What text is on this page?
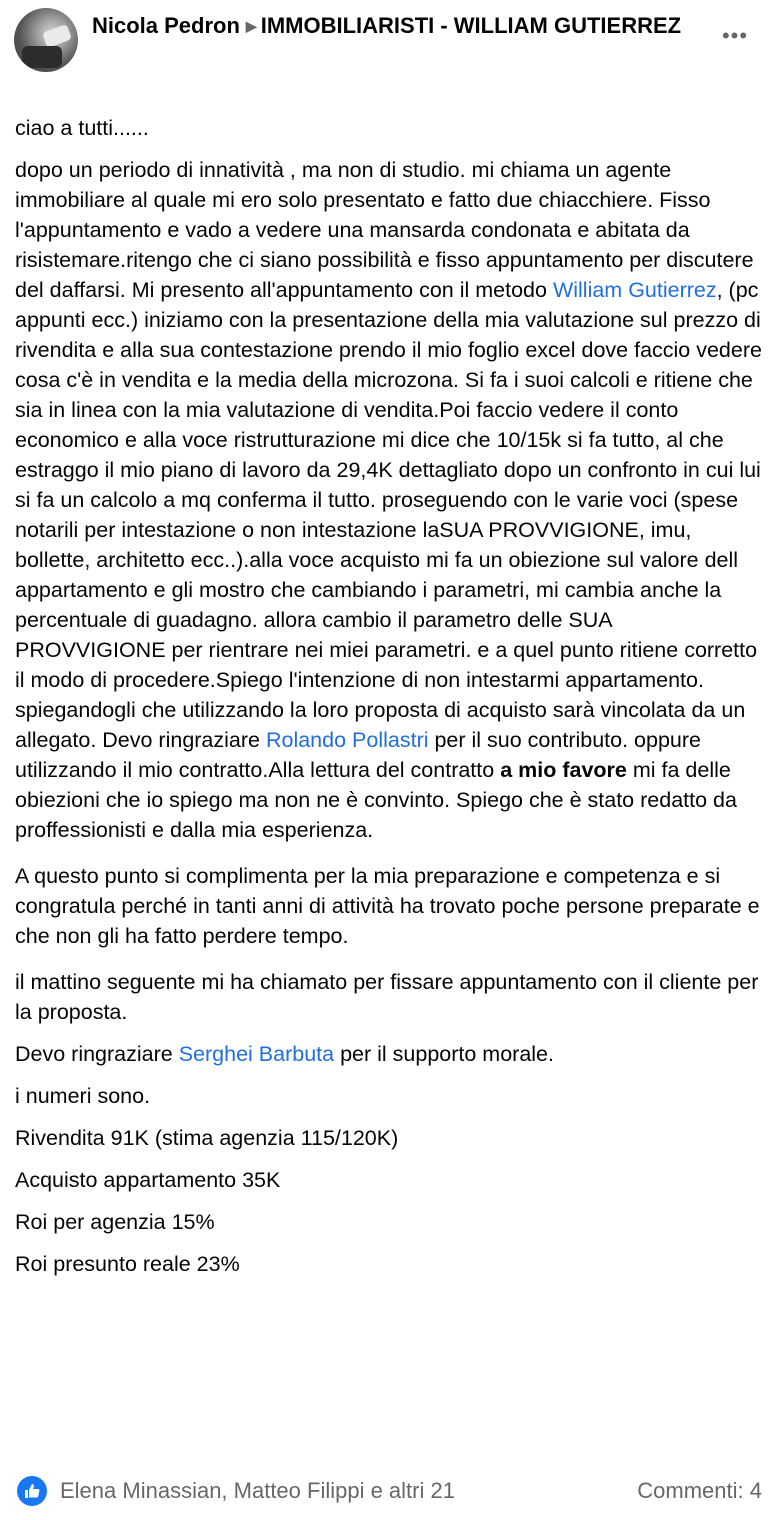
Nicola Pedron ▶ IMMOBILIARISTI - WILLIAM GUTIERREZ	•••

ciao a tutti......

dopo un periodo di innatività , ma non di studio. mi chiama un agente immobiliare al quale mi ero solo presentato e fatto due chiacchiere. Fisso l'appuntamento e vado a vedere una mansarda condonata e abitata da risistemare.ritengo che ci siano possibilità e fisso appuntamento per discutere del daffarsi. Mi presento all'appuntamento con il metodo William Gutierrez, (pc appunti ecc.) iniziamo con la presentazione della mia valutazione sul prezzo di rivendita e alla sua contestazione prendo il mio foglio excel dove faccio vedere cosa c'è in vendita e la media della microzona. Si fa i suoi calcoli e ritiene che sia in linea con la mia valutazione di vendita.Poi faccio vedere il conto economico e alla voce ristrutturazione mi dice che 10/15k si fa tutto, al che estraggo il mio piano di lavoro da 29,4K dettagliato dopo un confronto in cui lui si fa un calcolo a mq conferma il tutto. proseguendo con le varie voci (spese notarili per intestazione o non intestazione laSUA PROVVIGIONE, imu, bollette, architetto ecc..).alla voce acquisto mi fa un obiezione sul valore dell appartamento e gli mostro che cambiando i parametri, mi cambia anche la percentuale di guadagno. allora cambio il parametro delle SUA PROVVIGIONE per rientrare nei miei parametri. e a quel punto ritiene corretto il modo di procedere.Spiego l'intenzione di non intestarmi appartamento. spiegandogli che utilizzando la loro proposta di acquisto sarà vincolata da un allegato. Devo ringraziare Rolando Pollastri per il suo contributo. oppure utilizzando il mio contratto.Alla lettura del contratto a mio favore mi fa delle obiezioni che io spiego ma non ne è convinto. Spiego che è stato redatto da proffessionisti e dalla mia esperienza.

A questo punto si complimenta per la mia preparazione e competenza e si congratula perché in tanti anni di attività ha trovato poche persone preparate e che non gli ha fatto perdere tempo.

il mattino seguente mi ha chiamato per fissare appuntamento con il cliente per la proposta.

Devo ringraziare Serghei Barbuta per il supporto morale.

i numeri sono.

Rivendita 91K (stima agenzia 115/120K)

Acquisto appartamento 35K

Roi per agenzia 15%

Roi presunto reale 23%

Elena Minassian, Matteo Filippi e altri 21	Commenti: 4
